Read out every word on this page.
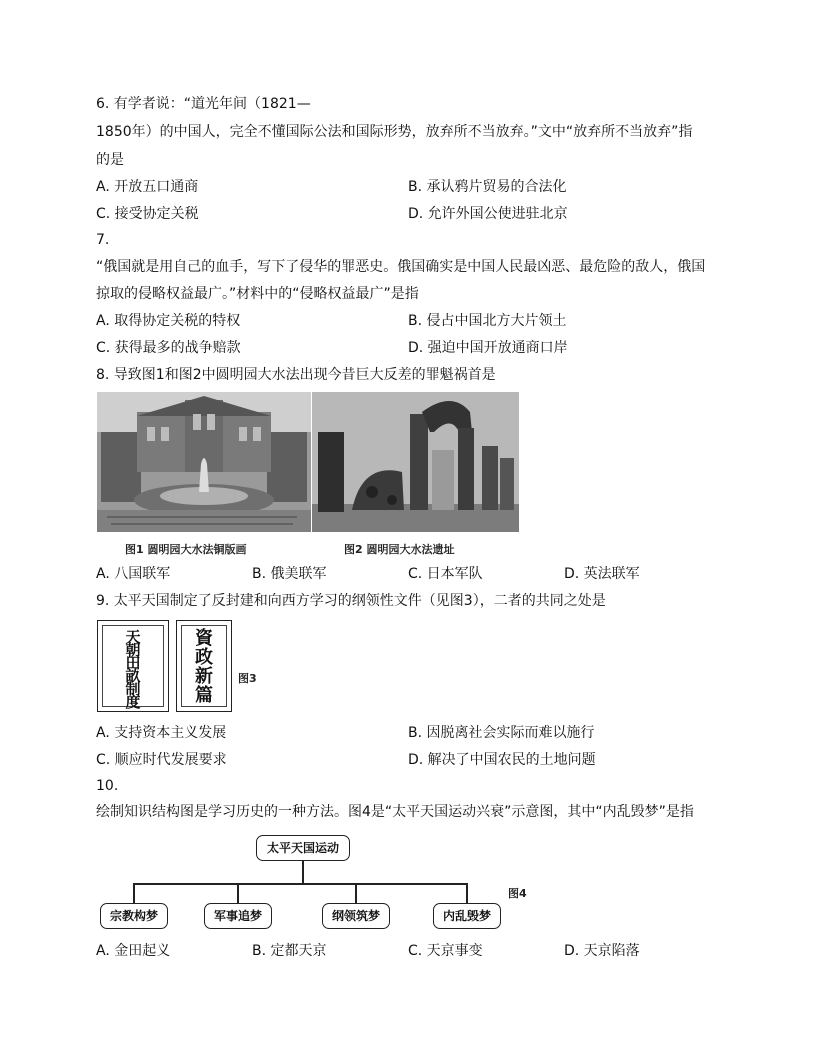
6. 有学者说：“道光年间（1821—
1850年）的中国人，完全不懂国际公法和国际形势，放弃所不当放弃。”文中“放弃所不当放弃”指
的是
A. 开放五口通商	B. 承认鸦片贸易的合法化
C. 接受协定关税	D. 允许外国公使进驻北京
7.
“俄国就是用自己的血手，写下了侵华的罪恶史。俄国确实是中国人民最凶恶、最危险的敌人，俄国
掠取的侵略权益最广。”材料中的“侵略权益最广”是指
A. 取得协定关税的特权	B. 侵占中国北方大片领土
C. 获得最多的战争赔款	D. 强迫中国开放通商口岸
8. 导致图1和图2中圆明园大水法出现今昔巨大反差的罪魁祸首是
图1 圆明园大水法铜版画	图2 圆明园大水法遗址
A. 八国联军	B. 俄美联军	C. 日本军队	D. 英法联军
9. 太平天国制定了反封建和向西方学习的纲领性文件（见图3），二者的共同之处是
天朝田畝制度
資政新篇
图3
A. 支持资本主义发展	B. 因脱离社会实际而难以施行
C. 顺应时代发展要求	D. 解决了中国农民的土地问题
10.
绘制知识结构图是学习历史的一种方法。图4是“太平天国运动兴衰”示意图，其中“内乱毁梦”是指
太平天国运动
宗教构梦	军事追梦	纲领筑梦	内乱毁梦
图4
A. 金田起义	B. 定都天京	C. 天京事变	D. 天京陷落
